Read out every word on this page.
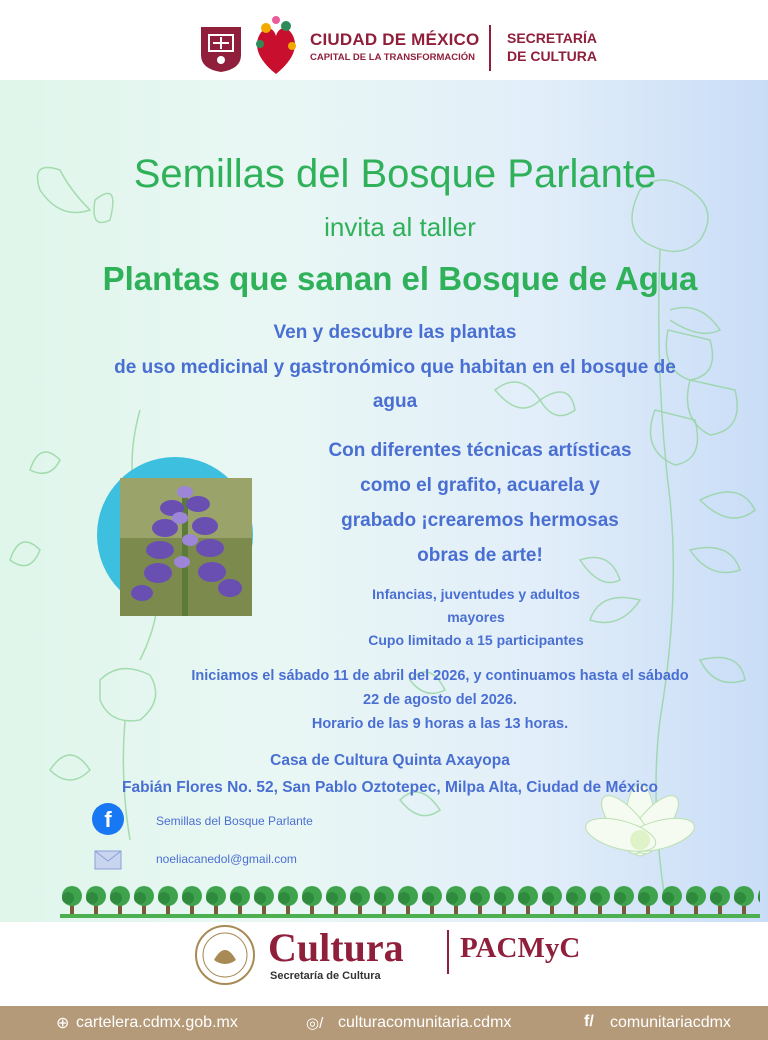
CIUDAD DE MÉXICO
CAPITAL DE LA TRANSFORMACIÓN
SECRETARÍA
DE CULTURA
Semillas del Bosque Parlante
invita al taller
Plantas que sanan el Bosque de Agua
Ven y descubre las plantas
de uso medicinal y gastronómico que habitan en el bosque de
agua
Con diferentes técnicas artísticas
como el grafito, acuarela y
grabado ¡crearemos hermosas
obras de arte!
Infancias, juventudes y adultos
mayores
Cupo limitado a 15 participantes
Iniciamos el sábado 11 de abril del 2026, y continuamos hasta el sábado
22 de agosto del 2026.
Horario de las 9 horas a las 13 horas.
Casa de Cultura Quinta Axayopa
Fabián Flores No. 52, San Pablo Oztotepec, Milpa Alta, Ciudad de México
f	Semillas del Bosque Parlante
noeliacanedol@gmail.com
Cultura
Secretaría de Cultura
PACMyC
⊕ cartelera.cdmx.gob.mx	◎/ culturacomunitaria.cdmx	f/ comunitariacdmx
